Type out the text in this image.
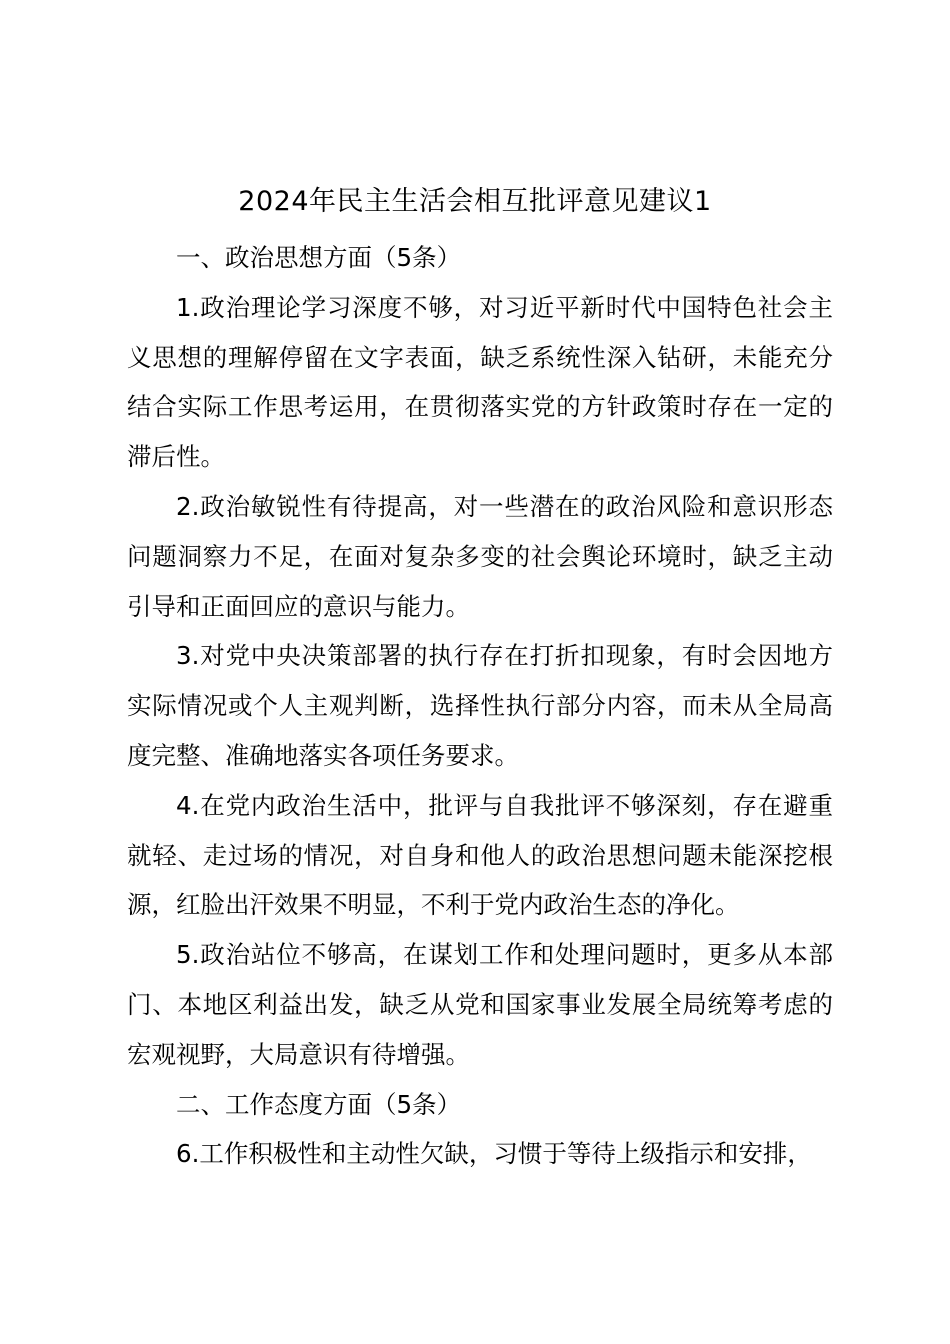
2024年民主生活会相互批评意见建议1

一、政治思想方面（5条）

1.政治理论学习深度不够，对习近平新时代中国特色社会主义思想的理解停留在文字表面，缺乏系统性深入钻研，未能充分结合实际工作思考运用，在贯彻落实党的方针政策时存在一定的滞后性。

2.政治敏锐性有待提高，对一些潜在的政治风险和意识形态问题洞察力不足，在面对复杂多变的社会舆论环境时，缺乏主动引导和正面回应的意识与能力。

3.对党中央决策部署的执行存在打折扣现象，有时会因地方实际情况或个人主观判断，选择性执行部分内容，而未从全局高度完整、准确地落实各项任务要求。

4.在党内政治生活中，批评与自我批评不够深刻，存在避重就轻、走过场的情况，对自身和他人的政治思想问题未能深挖根源，红脸出汗效果不明显，不利于党内政治生态的净化。

5.政治站位不够高，在谋划工作和处理问题时，更多从本部门、本地区利益出发，缺乏从党和国家事业发展全局统筹考虑的宏观视野，大局意识有待增强。

二、工作态度方面（5条）

6.工作积极性和主动性欠缺，习惯于等待上级指示和安排，
